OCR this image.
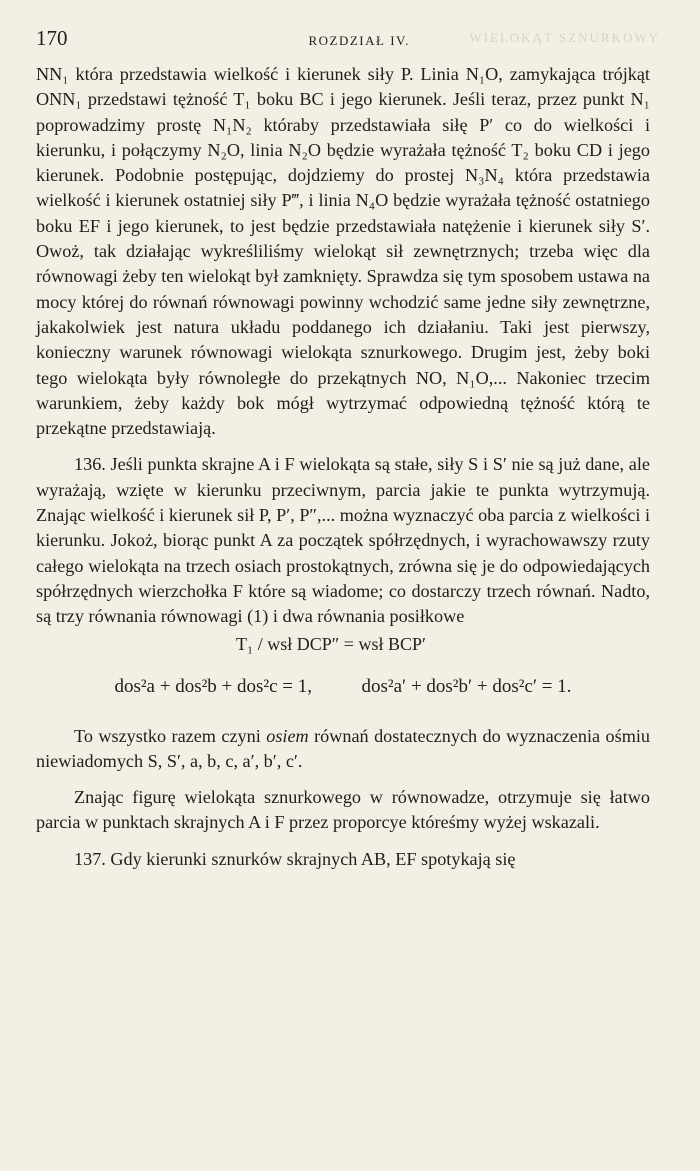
WIELOKĄT SZNURKOWY
170	ROZDZIAŁ IV.

NN₁ która przedstawia wielkość i kierunek siły P. Linia N₁O, zamykająca trójkąt ONN₁ przedstawi tężność T₁ boku BC i jego kierunek. Jeśli teraz, przez punkt N₁ poprowadzimy prostę N₁N₂ któraby przedstawiała siłę P′ co do wielkości i kierunku, i połączymy N₂O, linia N₂O będzie wyrażała tężność T₂ boku CD i jego kierunek. Podobnie postępując, dojdziemy do prostej N₃N₄ która przedstawia wielkość i kierunek ostatniej siły P‴, i linia N₄O będzie wyrażała tężność ostatniego boku EF i jego kierunek, to jest będzie przedstawiała natężenie i kierunek siły S′. Owoż, tak działając wykreśliliśmy wielokąt sił zewnętrznych; trzeba więc dla równowagi żeby ten wielokąt był zamknięty. Sprawdza się tym sposobem ustawa na mocy której do równań równowagi powinny wchodzić same jedne siły zewnętrzne, jakakolwiek jest natura układu poddanego ich działaniu. Taki jest pierwszy, konieczny warunek równowagi wielokąta sznurkowego. Drugim jest, żeby boki tego wielokąta były równoległe do przekątnych NO, N₁O,... Nakoniec trzecim warunkiem, żeby każdy bok mógł wytrzymać odpowiedną tężność którą te przekątne przedstawiają.

136. Jeśli punkta skrajne A i F wielokąta są stałe, siły S i S′ nie są już dane, ale wyrażają, wzięte w kierunku przeciwnym, parcia jakie te punkta wytrzymują. Znając wielkość i kierunek sił P, P′, P″,... można wyznaczyć oba parcia z wielkości i kierunku. Jokoż, biorąc punkt A za początek spółrzędnych, i wyrachowawszy rzuty całego wielokąta na trzech osiach prostokątnych, zrówna się je do odpowiedających spółrzędnych wierzchołka F które są wiadome; co dostarczy trzech równań. Nadto, są trzy równania równowagi (1) i dwa równania posiłkowe

T₁ / wsł DCP″ = wsł BCP′
dos²a + dos²b + dos²c = 1,	dos²a′ + dos²b′ + dos²c′ = 1.

To wszystko razem czyni osiem równań dostatecznych do wyznaczenia ośmiu niewiadomych S, S′, a, b, c, a′, b′, c′.

Znając figurę wielokąta sznurkowego w równowadze, otrzymuje się łatwo parcia w punktach skrajnych A i F przez proporcye któreśmy wyżej wskazali.

137. Gdy kierunki sznurków skrajnych AB, EF spotykają się
